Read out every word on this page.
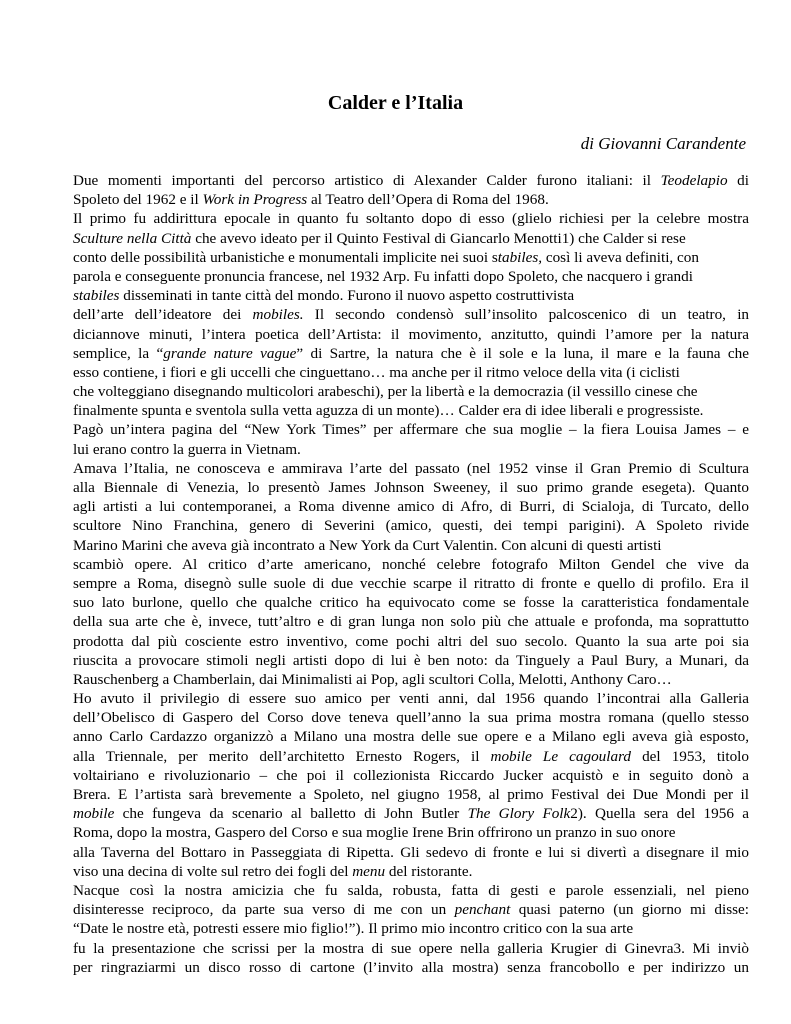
Calder e l’Italia
di Giovanni Carandente
Due momenti importanti del percorso artistico di Alexander Calder furono italiani: il Teodelapio di
Spoleto del 1962 e il Work in Progress al Teatro dell’Opera di Roma del 1968.
Il primo fu addirittura epocale in quanto fu soltanto dopo di esso (glielo richiesi per la celebre mostra
Sculture nella Città che avevo ideato per il Quinto Festival di Giancarlo Menotti1) che Calder si rese
conto delle possibilità urbanistiche e monumentali implicite nei suoi stabiles, così li aveva definiti, con
parola e conseguente pronuncia francese, nel 1932 Arp. Fu infatti dopo Spoleto, che nacquero i grandi
stabiles disseminati in tante città del mondo. Furono il nuovo aspetto costruttivista
dell’arte dell’ideatore dei mobiles. Il secondo condensò sull’insolito palcoscenico di un teatro, in
diciannove minuti, l’intera poetica dell’Artista: il movimento, anzitutto, quindi l’amore per la natura
semplice, la “grande nature vague” di Sartre, la natura che è il sole e la luna, il mare e la fauna che
esso contiene, i fiori e gli uccelli che cinguettano… ma anche per il ritmo veloce della vita (i ciclisti
che volteggiano disegnando multicolori arabeschi), per la libertà e la democrazia (il vessillo cinese che
finalmente spunta e sventola sulla vetta aguzza di un monte)… Calder era di idee liberali e progressiste.
Pagò un’intera pagina del “New York Times” per affermare che sua moglie – la fiera Louisa James – e
lui erano contro la guerra in Vietnam.
Amava l’Italia, ne conosceva e ammirava l’arte del passato (nel 1952 vinse il Gran Premio di Scultura
alla Biennale di Venezia, lo presentò James Johnson Sweeney, il suo primo grande esegeta). Quanto
agli artisti a lui contemporanei, a Roma divenne amico di Afro, di Burri, di Scialoja, di Turcato, dello
scultore Nino Franchina, genero di Severini (amico, questi, dei tempi parigini). A Spoleto rivide
Marino Marini che aveva già incontrato a New York da Curt Valentin. Con alcuni di questi artisti
scambiò opere. Al critico d’arte americano, nonché celebre fotografo Milton Gendel che vive da
sempre a Roma, disegnò sulle suole di due vecchie scarpe il ritratto di fronte e quello di profilo. Era il
suo lato burlone, quello che qualche critico ha equivocato come se fosse la caratteristica fondamentale
della sua arte che è, invece, tutt’altro e di gran lunga non solo più che attuale e profonda, ma soprattutto
prodotta dal più cosciente estro inventivo, come pochi altri del suo secolo. Quanto la sua arte poi sia
riuscita a provocare stimoli negli artisti dopo di lui è ben noto: da Tinguely a Paul Bury, a Munari, da
Rauschenberg a Chamberlain, dai Minimalisti ai Pop, agli scultori Colla, Melotti, Anthony Caro…
Ho avuto il privilegio di essere suo amico per venti anni, dal 1956 quando l’incontrai alla Galleria
dell’Obelisco di Gaspero del Corso dove teneva quell’anno la sua prima mostra romana (quello stesso
anno Carlo Cardazzo organizzò a Milano una mostra delle sue opere e a Milano egli aveva già esposto,
alla Triennale, per merito dell’architetto Ernesto Rogers, il mobile Le cagoulard del 1953, titolo
voltairiano e rivoluzionario – che poi il collezionista Riccardo Jucker acquistò e in seguito donò a
Brera. E l’artista sarà brevemente a Spoleto, nel giugno 1958, al primo Festival dei Due Mondi per il
mobile che fungeva da scenario al balletto di John Butler The Glory Folk2). Quella sera del 1956 a
Roma, dopo la mostra, Gaspero del Corso e sua moglie Irene Brin offrirono un pranzo in suo onore
alla Taverna del Bottaro in Passeggiata di Ripetta. Gli sedevo di fronte e lui si divertì a disegnare il mio
viso una decina di volte sul retro dei fogli del menu del ristorante.
Nacque così la nostra amicizia che fu salda, robusta, fatta di gesti e parole essenziali, nel pieno
disinteresse reciproco, da parte sua verso di me con un penchant quasi paterno (un giorno mi disse:
“Date le nostre età, potresti essere mio figlio!”). Il primo mio incontro critico con la sua arte
fu la presentazione che scrissi per la mostra di sue opere nella galleria Krugier di Ginevra3. Mi inviò
per ringraziarmi un disco rosso di cartone (l’invito alla mostra) senza francobollo e per indirizzo un
